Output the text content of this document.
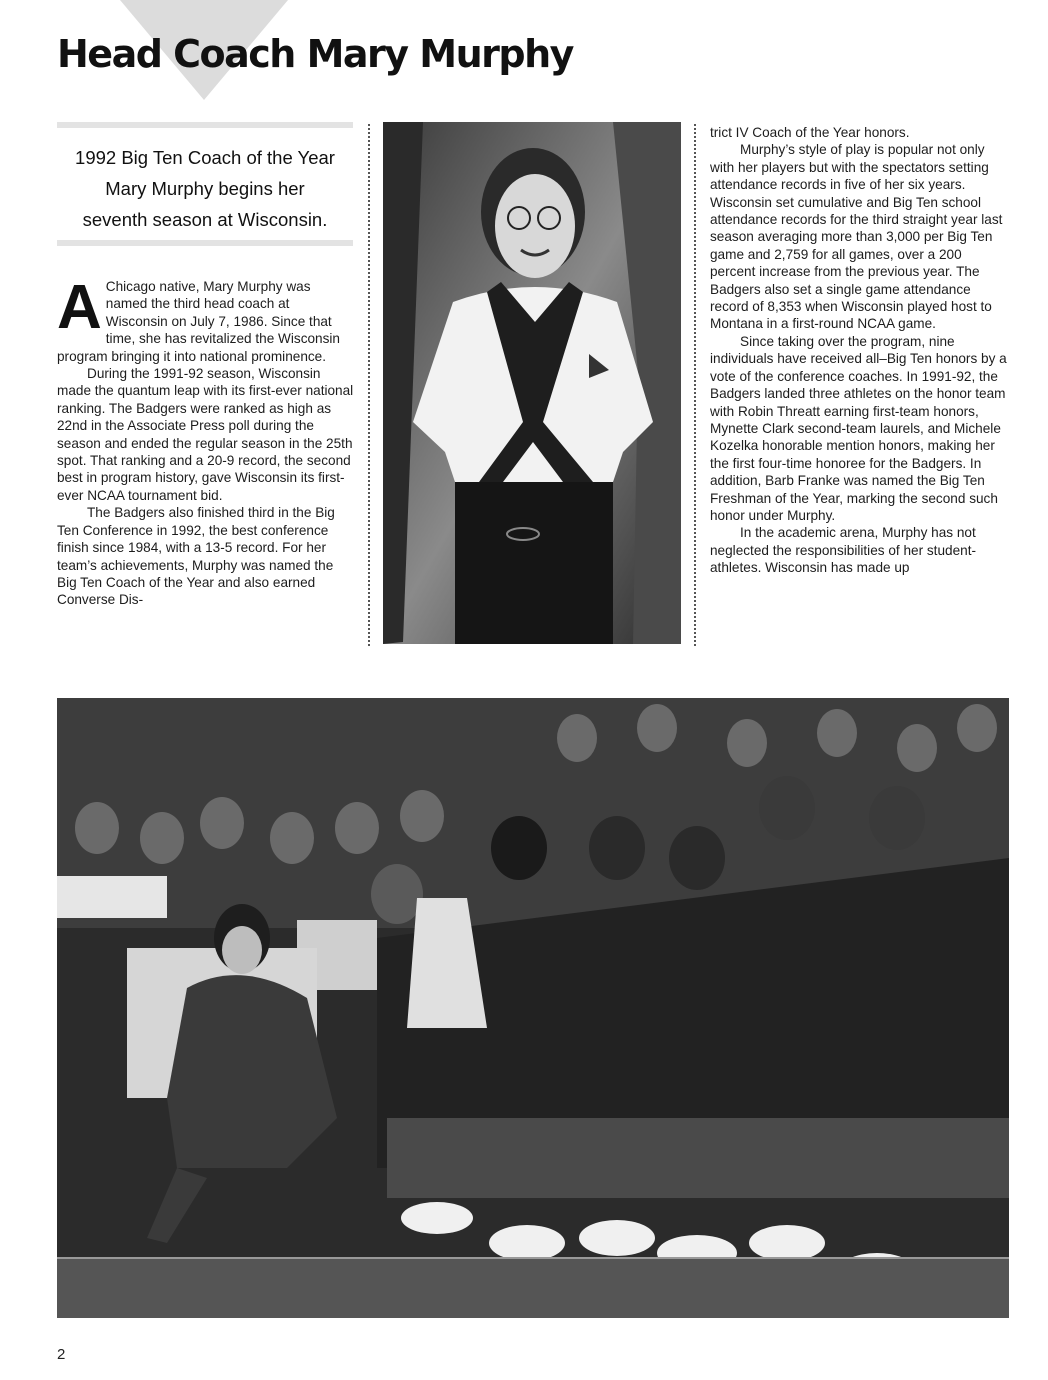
Head Coach Mary Murphy

1992 Big Ten Coach of the Year
Mary Murphy begins her
seventh season at Wisconsin.

A Chicago native, Mary Murphy was named the third head coach at Wisconsin on July 7, 1986. Since that time, she has revitalized the Wisconsin program bringing it into national prominence.

During the 1991-92 season, Wisconsin made the quantum leap with its first-ever national ranking. The Badgers were ranked as high as 22nd in the Associate Press poll during the season and ended the regular season in the 25th spot. That ranking and a 20-9 record, the second best in program history, gave Wisconsin its first-ever NCAA tournament bid.

The Badgers also finished third in the Big Ten Conference in 1992, the best conference finish since 1984, with a 13-5 record. For her team’s achievements, Murphy was named the Big Ten Coach of the Year and also earned Converse Dis-

trict IV Coach of the Year honors.

Murphy’s style of play is popular not only with her players but with the spectators setting attendance records in five of her six years. Wisconsin set cumulative and Big Ten school attendance records for the third straight year last season averaging more than 3,000 per Big Ten game and 2,759 for all games, over a 200 percent increase from the previous year. The Badgers also set a single game attendance record of 8,353 when Wisconsin played host to Montana in a first-round NCAA game.

Since taking over the program, nine individuals have received all–Big Ten honors by a vote of the conference coaches. In 1991-92, the Badgers landed three athletes on the honor team with Robin Threatt earning first-team honors, Mynette Clark second-team laurels, and Michele Kozelka honorable mention honors, making her the first four-time honoree for the Badgers. In addition, Barb Franke was named the Big Ten Freshman of the Year, marking the second such honor under Murphy.

In the academic arena, Murphy has not neglected the responsibilities of her student-athletes. Wisconsin has made up

2
